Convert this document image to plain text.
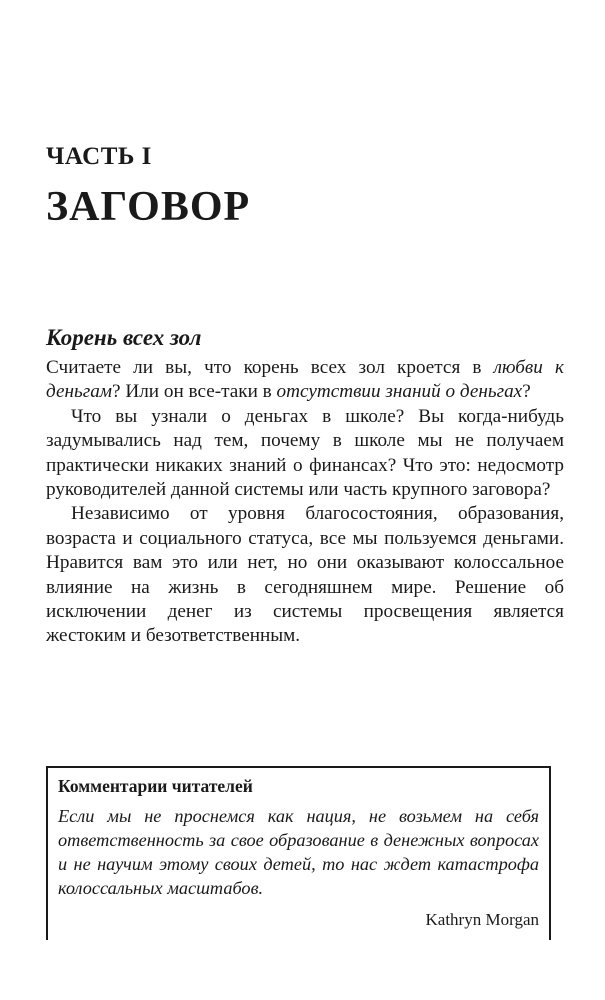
ЧАСТЬ I
ЗАГОВОР
Корень всех зол

Считаете ли вы, что корень всех зол кроется в любви к деньгам? Или он все-таки в отсутствии знаний о деньгах?

Что вы узнали о деньгах в школе? Вы когда-нибудь задумывались над тем, почему в школе мы не получаем практически никаких знаний о финансах? Что это: недосмотр руководителей данной системы или часть крупного заговора?

Независимо от уровня благосостояния, образования, возраста и социального статуса, все мы пользуемся деньгами. Нравится вам это или нет, но они оказывают колоссальное влияние на жизнь в сегодняшнем мире. Решение об исключении денег из системы просвещения является жестоким и безответственным.

Комментарии читателей

Если мы не проснемся как нация, не возьмем на себя ответственность за свое образование в денежных вопросах и не научим этому своих детей, то нас ждет катастрофа колоссальных масштабов.

Kathryn Morgan
